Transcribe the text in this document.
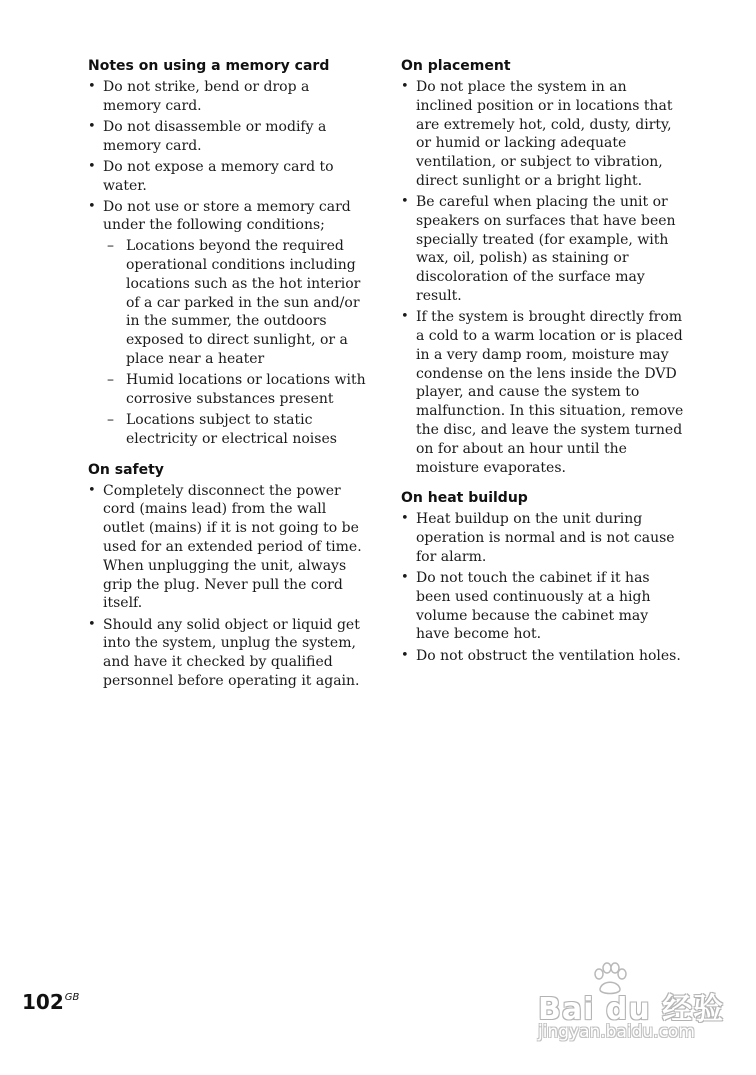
Notes on using a memory card
• Do not strike, bend or drop a memory card.
• Do not disassemble or modify a memory card.
• Do not expose a memory card to water.
• Do not use or store a memory card under the following conditions;
– Locations beyond the required operational conditions including locations such as the hot interior of a car parked in the sun and/or in the summer, the outdoors exposed to direct sunlight, or a place near a heater
– Humid locations or locations with corrosive substances present
– Locations subject to static electricity or electrical noises
On safety
• Completely disconnect the power cord (mains lead) from the wall outlet (mains) if it is not going to be used for an extended period of time. When unplugging the unit, always grip the plug. Never pull the cord itself.
• Should any solid object or liquid get into the system, unplug the system, and have it checked by qualified personnel before operating it again.
On placement
• Do not place the system in an inclined position or in locations that are extremely hot, cold, dusty, dirty, or humid or lacking adequate ventilation, or subject to vibration, direct sunlight or a bright light.
• Be careful when placing the unit or speakers on surfaces that have been specially treated (for example, with wax, oil, polish) as staining or discoloration of the surface may result.
• If the system is brought directly from a cold to a warm location or is placed in a very damp room, moisture may condense on the lens inside the DVD player, and cause the system to malfunction. In this situation, remove the disc, and leave the system turned on for about an hour until the moisture evaporates.
On heat buildup
• Heat buildup on the unit during operation is normal and is not cause for alarm.
• Do not touch the cabinet if it has been used continuously at a high volume because the cabinet may have become hot.
• Do not obstruct the ventilation holes.
$102^{GB}$	Bai du 经验
jingyan.baidu.com
